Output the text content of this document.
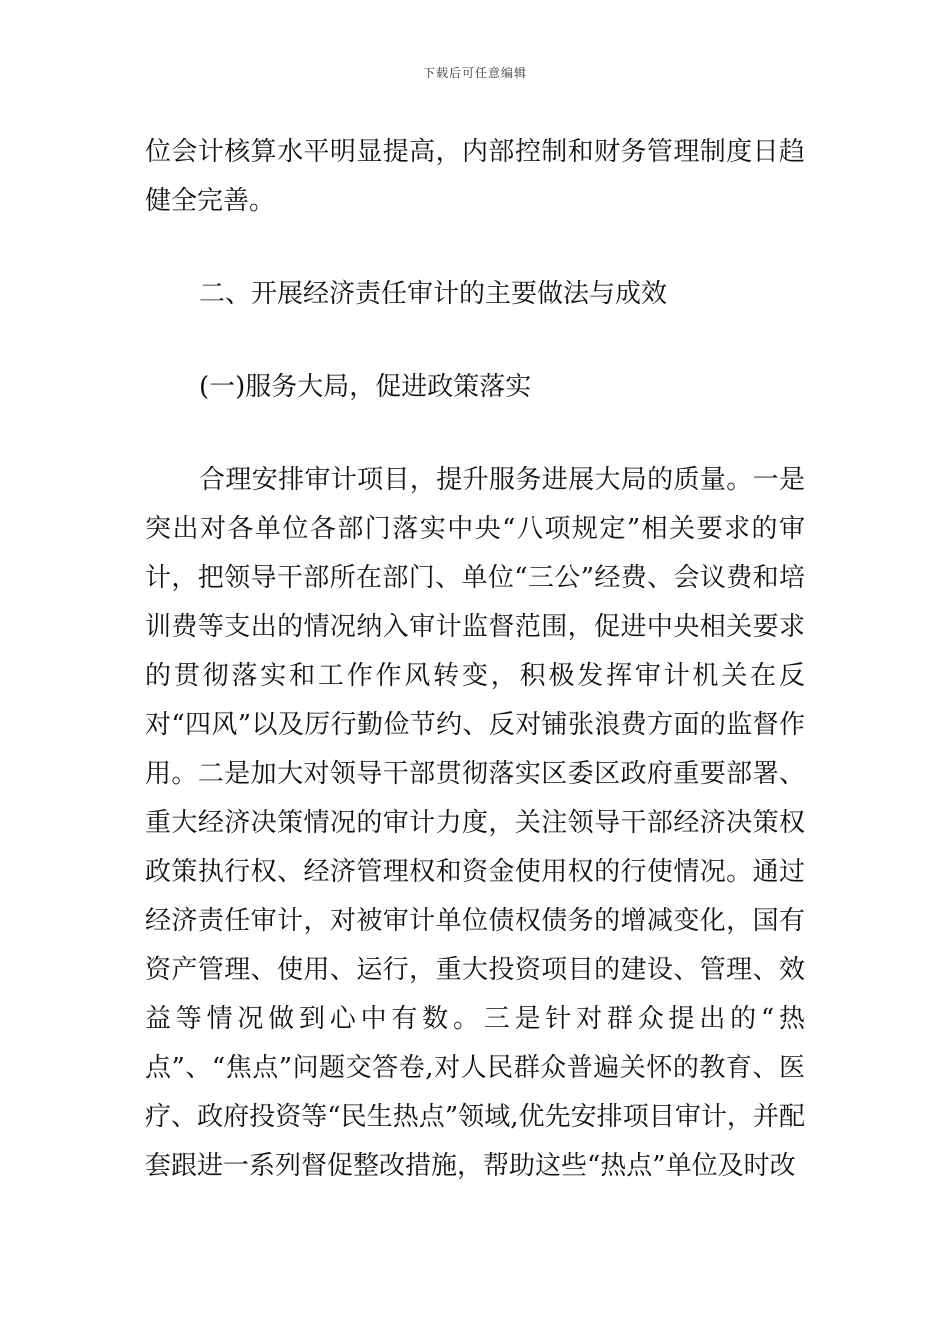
下载后可任意编辑

位会计核算水平明显提高，内部控制和财务管理制度日趋健全完善。

二、开展经济责任审计的主要做法与成效

(一)服务大局，促进政策落实

合理安排审计项目，提升服务进展大局的质量。一是突出对各单位各部门落实中央“八项规定”相关要求的审计，把领导干部所在部门、单位“三公”经费、会议费和培训费等支出的情况纳入审计监督范围，促进中央相关要求的贯彻落实和工作作风转变，积极发挥审计机关在反对“四风”以及厉行勤俭节约、反对铺张浪费方面的监督作用。二是加大对领导干部贯彻落实区委区政府重要部署、重大经济决策情况的审计力度，关注领导干部经济决策权政策执行权、经济管理权和资金使用权的行使情况。通过经济责任审计，对被审计单位债权债务的增减变化，国有资产管理、使用、运行，重大投资项目的建设、管理、效益等情况做到心中有数。三是针对群众提出的“热点”、“焦点”问题交答卷,对人民群众普遍关怀的教育、医疗、政府投资等“民生热点”领域,优先安排项目审计，并配套跟进一系列督促整改措施，帮助这些“热点”单位及时改
